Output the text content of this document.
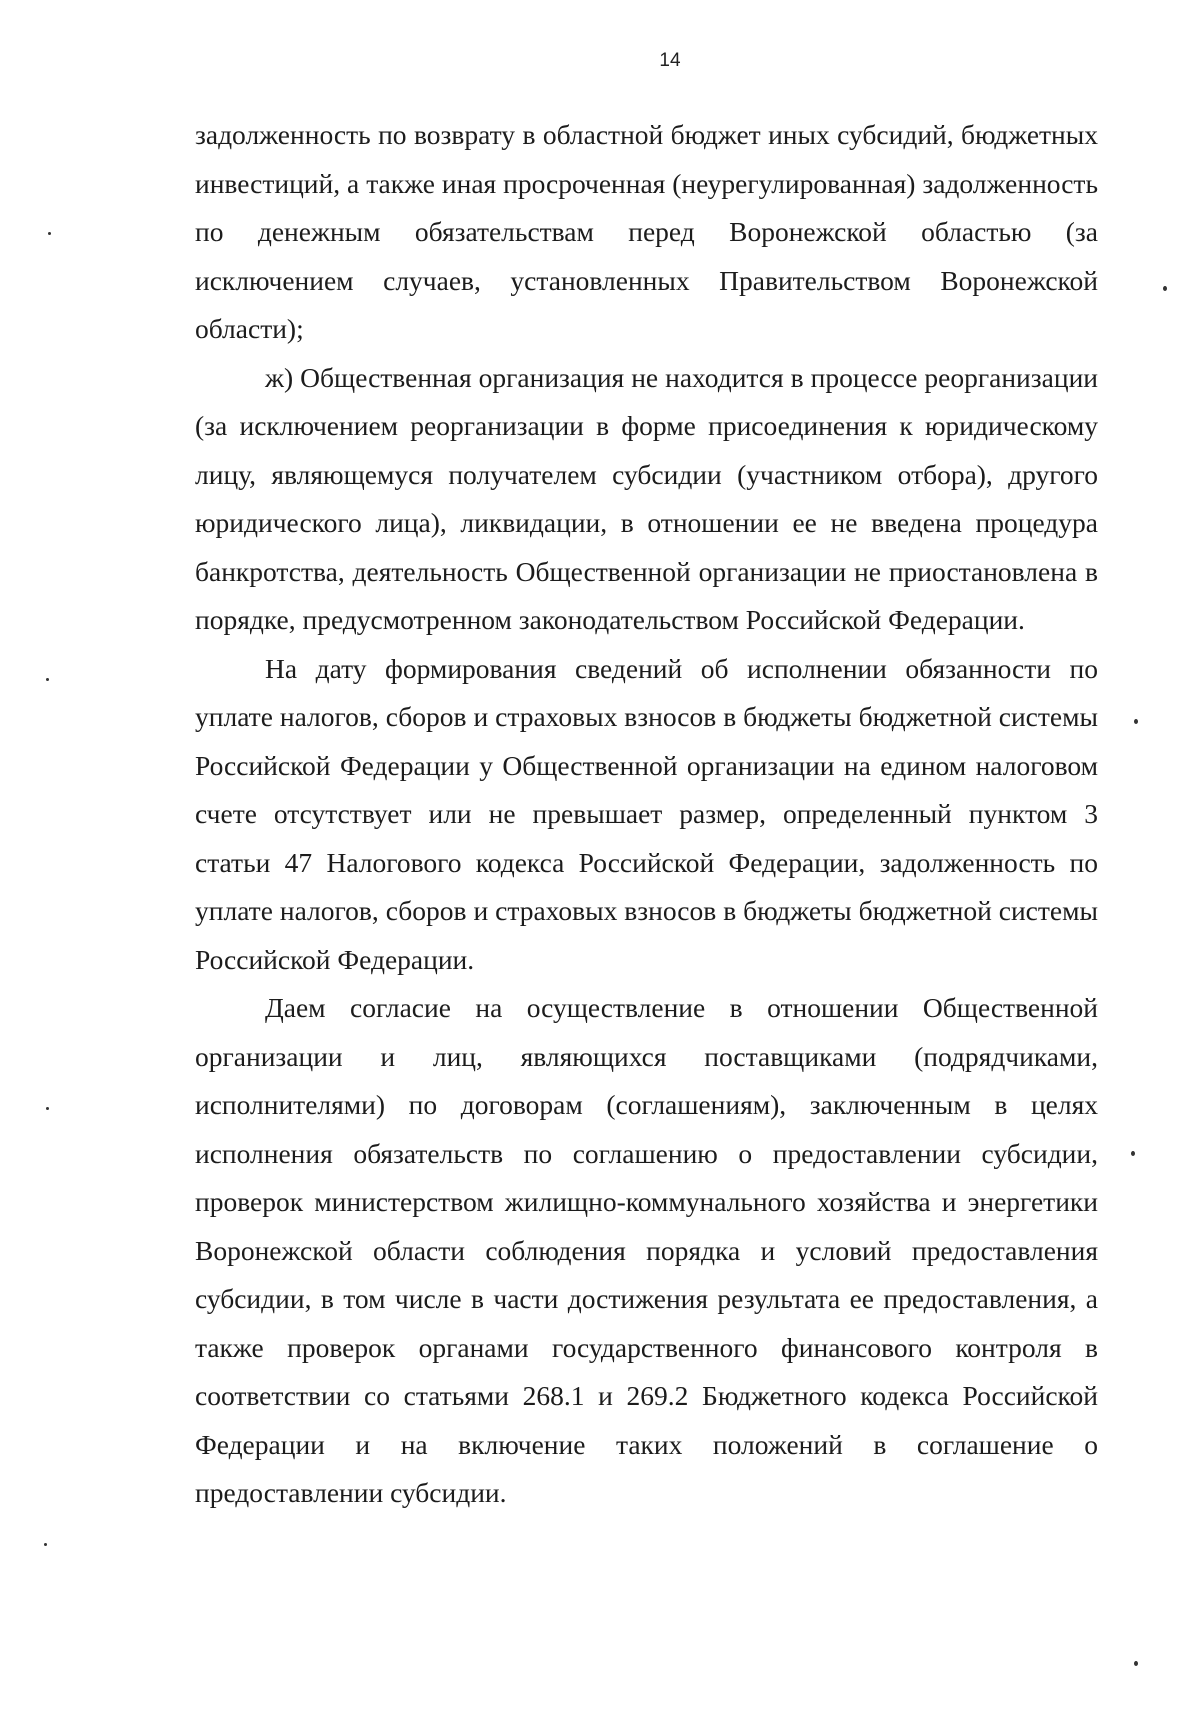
14

задолженность по возврату в областной бюджет иных субсидий, бюджетных инвестиций, а также иная просроченная (неурегулированная) задолженность по денежным обязательствам перед Воронежской областью (за исключением случаев, установленных Правительством Воронежской области);

ж) Общественная организация не находится в процессе реорганизации (за исключением реорганизации в форме присоединения к юридическому лицу, являющемуся получателем субсидии (участником отбора), другого юридического лица), ликвидации, в отношении ее не введена процедура банкротства, деятельность Общественной организации не приостановлена в порядке, предусмотренном законодательством Российской Федерации.

На дату формирования сведений об исполнении обязанности по уплате налогов, сборов и страховых взносов в бюджеты бюджетной системы Российской Федерации у Общественной организации на едином налоговом счете отсутствует или не превышает размер, определенный пунктом 3 статьи 47 Налогового кодекса Российской Федерации, задолженность по уплате налогов, сборов и страховых взносов в бюджеты бюджетной системы Российской Федерации.

Даем согласие на осуществление в отношении Общественной организации и лиц, являющихся поставщиками (подрядчиками, исполнителями) по договорам (соглашениям), заключенным в целях исполнения обязательств по соглашению о предоставлении субсидии, проверок министерством жилищно-коммунального хозяйства и энергетики Воронежской области соблюдения порядка и условий предоставления субсидии, в том числе в части достижения результата ее предоставления, а также проверок органами государственного финансового контроля в соответствии со статьями 268.1 и 269.2 Бюджетного кодекса Российской Федерации и на включение таких положений в соглашение о предоставлении субсидии.
